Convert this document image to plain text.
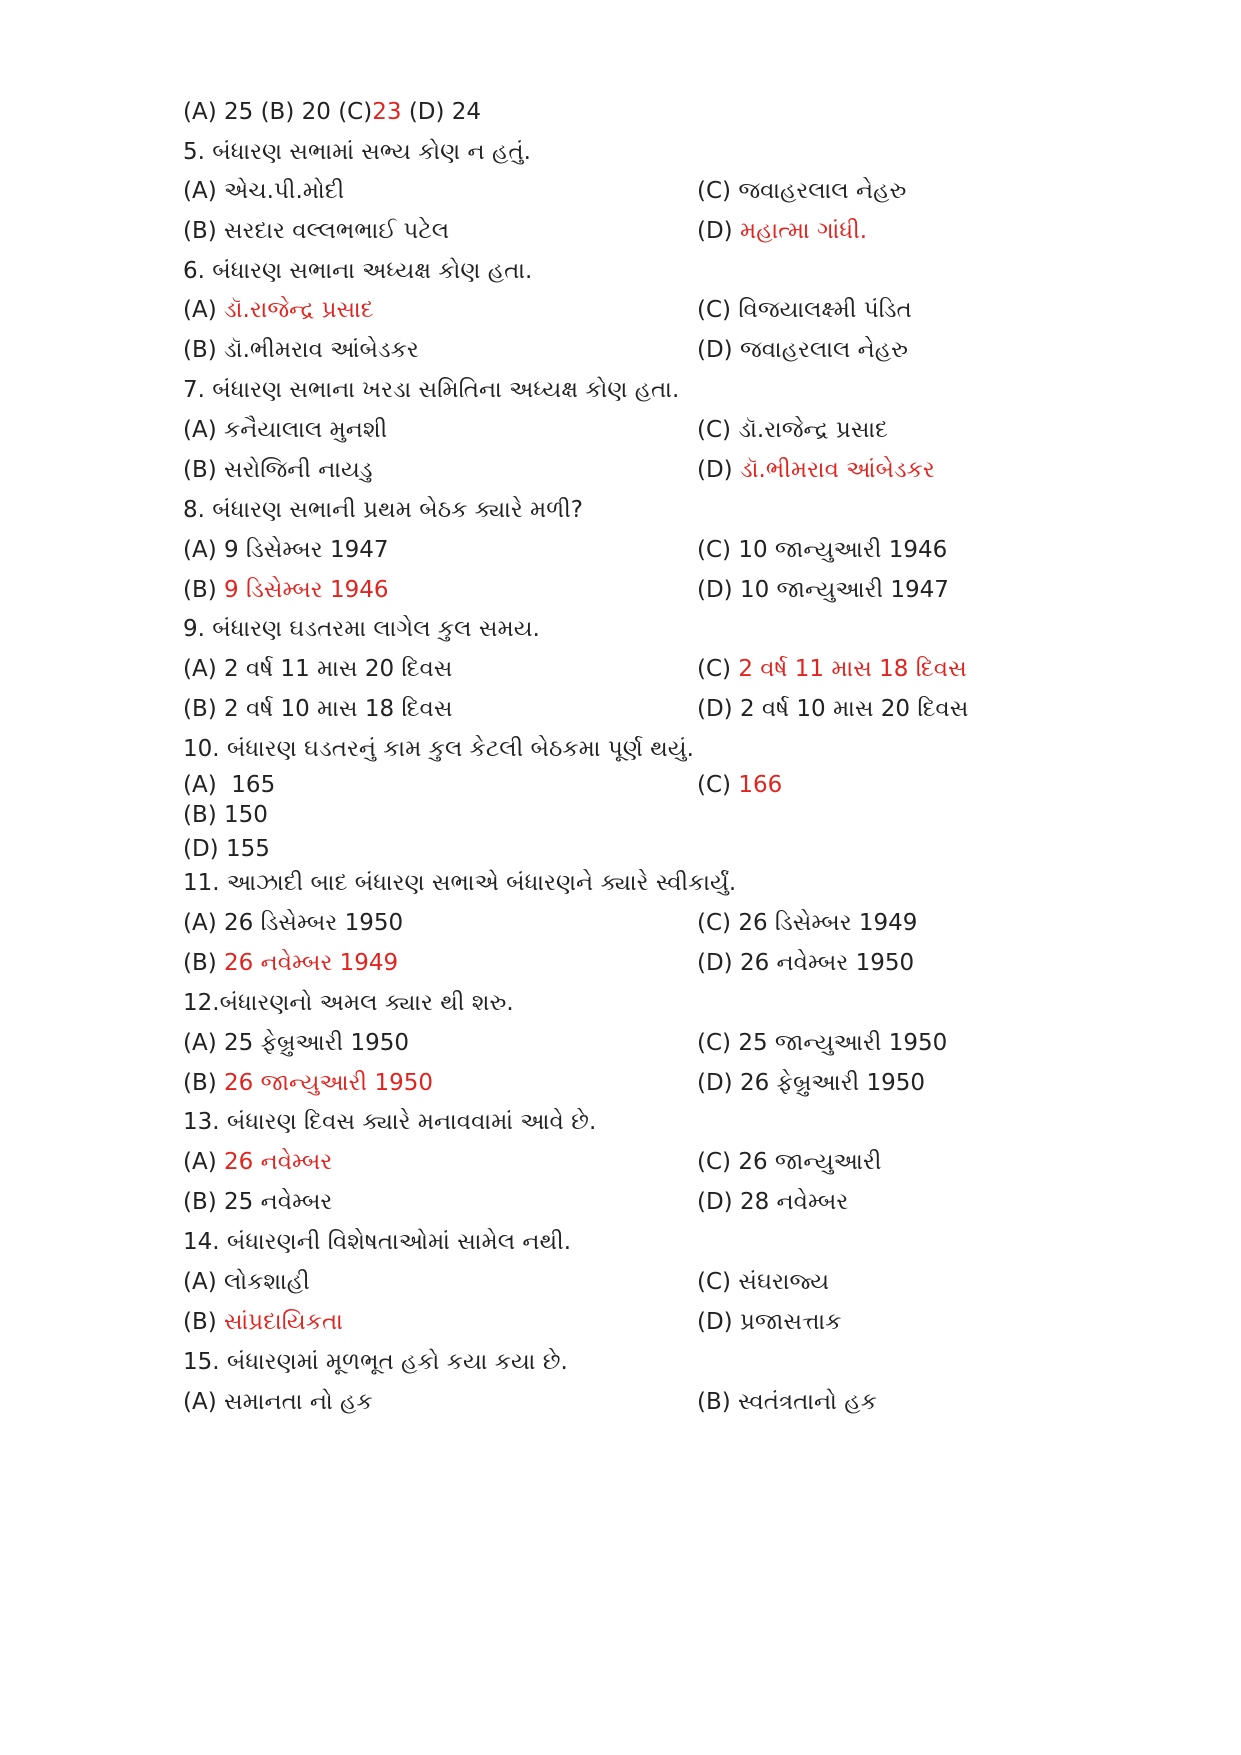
(A) 25 (B) 20 (C)23 (D) 24
5. બંધારણ સભામાં સભ્ય કોણ ન હતું.
(A) એચ.પી.મોદી	(C) જવાહરલાલ નેહરુ
(B) સરદાર વલ્લભભાઈ પટેલ	(D) મહાત્મા ગાંધી.
6. બંધારણ સભાના અધ્યક્ષ કોણ હતા.
(A) ડૉ.રાજેન્દ્ર પ્રસાદ	(C) વિજયાલક્ષ્મી પંડિત
(B) ડૉ.ભીમરાવ આંબેડકર	(D) જવાહરલાલ નેહરુ
7. બંધારણ સભાના ખરડા સમિતિના અધ્યક્ષ કોણ હતા.
(A) કનૈયાલાલ મુનશી	(C) ડૉ.રાજેન્દ્ર પ્રસાદ
(B) સરોજિની નાયડુ	(D) ડૉ.ભીમરાવ આંબેડકર
8. બંધારણ સભાની પ્રથમ બેઠક ક્યારે મળી?
(A) 9 ડિસેમ્બર 1947	(C) 10 જાન્યુઆરી 1946
(B) 9 ડિસેમ્બર 1946	(D) 10 જાન્યુઆરી 1947
9. બંધારણ ઘડતરમા લાગેલ કુલ સમય.
(A) 2 વર્ષ 11 માસ 20 દિવસ	(C) 2 વર્ષ 11 માસ 18 દિવસ
(B) 2 વર્ષ 10 માસ 18 દિવસ	(D) 2 વર્ષ 10 માસ 20 દિવસ
10. બંધારણ ઘડતરનું કામ કુલ કેટલી બેઠકમા પૂર્ણ થયું.
(A)  165	(C) 166
(B) 150
(D) 155
11. આઝાદી બાદ બંધારણ સભાએ બંધારણને ક્યારે સ્વીકાર્યું.
(A) 26 ડિસેમ્બર 1950	(C) 26 ડિસેમ્બર 1949
(B) 26 નવેમ્બર 1949	(D) 26 નવેમ્બર 1950
12.બંધારણનો અમલ ક્યાર થી શરુ.
(A) 25 ફેબ્રુઆરી 1950	(C) 25 જાન્યુઆરી 1950
(B) 26 જાન્યુઆરી 1950	(D) 26 ફેબ્રુઆરી 1950
13. બંધારણ દિવસ ક્યારે મનાવવામાં આવે છે.
(A) 26 નવેમ્બર	(C) 26 જાન્યુઆરી
(B) 25 નવેમ્બર	(D) 28 નવેમ્બર
14. બંધારણની વિશેષતાઓમાં સામેલ નથી.
(A) લોકશાહી	(C) સંઘરાજ્ય
(B) સાંપ્રદાયિકતા	(D) પ્રજાસત્તાક
15. બંધારણમાં મૂળભૂત હકો કયા કયા છે.
(A) સમાનતા નો હક	(B) સ્વતંત્રતાનો હક
